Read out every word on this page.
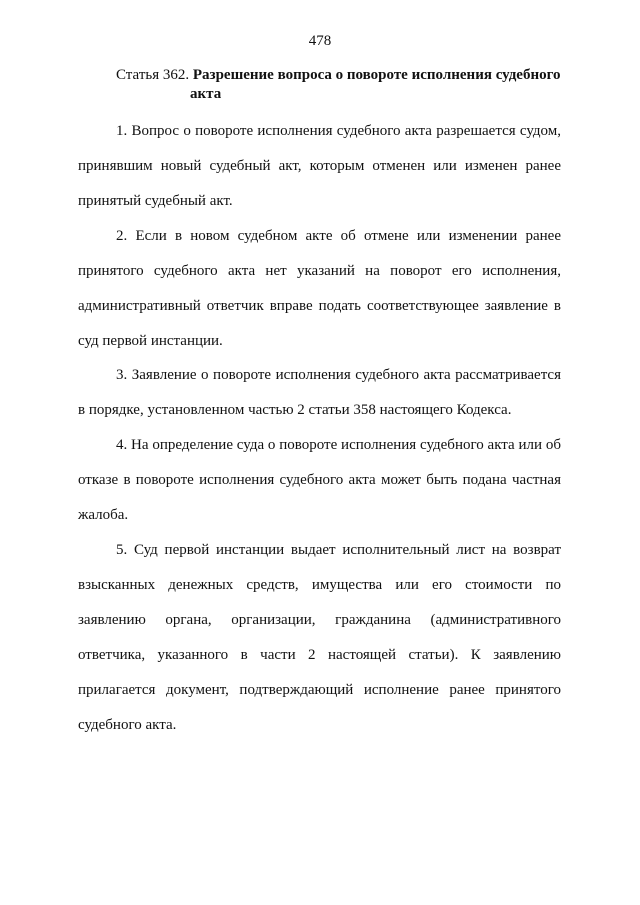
478
Статья 362. Разрешение вопроса о повороте исполнения судебного
акта
1. Вопрос о повороте исполнения судебного акта разрешается судом, принявшим новый судебный акт, которым отменен или изменен ранее принятый судебный акт.
2. Если в новом судебном акте об отмене или изменении ранее принятого судебного акта нет указаний на поворот его исполнения, административный ответчик вправе подать соответствующее заявление в суд первой инстанции.
3. Заявление о повороте исполнения судебного акта рассматривается в порядке, установленном частью 2 статьи 358 настоящего Кодекса.
4. На определение суда о повороте исполнения судебного акта или об отказе в повороте исполнения судебного акта может быть подана частная жалоба.
5. Суд первой инстанции выдает исполнительный лист на возврат взысканных денежных средств, имущества или его стоимости по заявлению органа, организации, гражданина (административного ответчика, указанного в части 2 настоящей статьи). К заявлению прилагается документ, подтверждающий исполнение ранее принятого судебного акта.
